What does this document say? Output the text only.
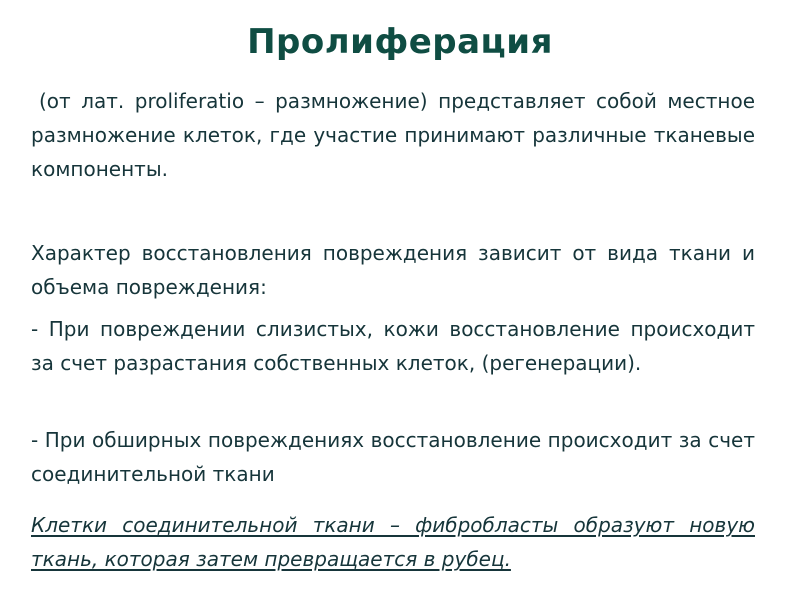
Пролиферация
(от лат. proliferatio – размножение) представляет собой местное размножение клеток, где участие принимают различные тканевые компоненты.
Характер восстановления повреждения зависит от вида ткани и объема повреждения:
- При повреждении слизистых, кожи восстановление происходит за счет разрастания собственных клеток, (регенерации).
- При обширных повреждениях восстановление происходит за счет соединительной ткани
Клетки соединительной ткани – фибробласты образуют новую ткань, которая затем превращается в рубец.
